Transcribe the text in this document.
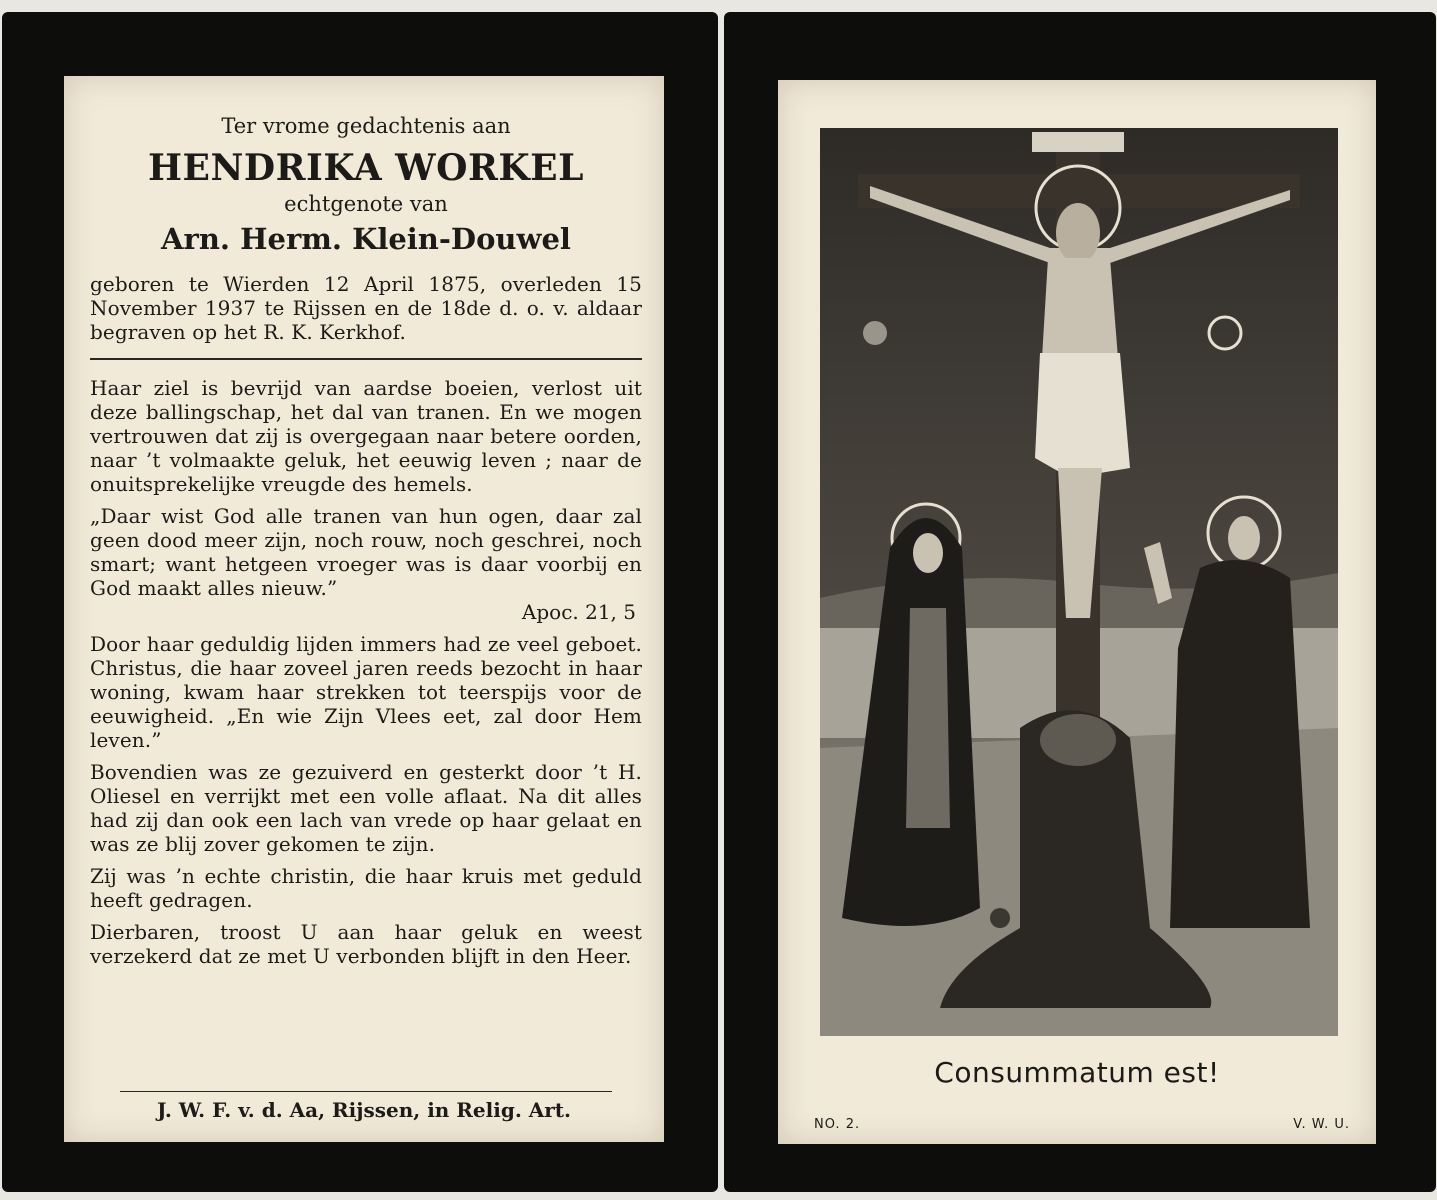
Ter vrome gedachtenis aan

HENDRIKA WORKEL

echtgenote van

Arn. Herm. Klein-Douwel

geboren te Wierden 12 April 1875, overleden 15 November 1937 te Rijssen en de 18de d. o. v. aldaar begraven op het R. K. Kerkhof.

Haar ziel is bevrijd van aardse boeien, verlost uit deze ballingschap, het dal van tranen. En we mogen vertrouwen dat zij is overgegaan naar betere oorden, naar ’t volmaakte geluk, het eeuwig leven ; naar de onuitsprekelijke vreugde des hemels.

„Daar wist God alle tranen van hun ogen, daar zal geen dood meer zijn, noch rouw, noch geschrei, noch smart; want hetgeen vroeger was is daar voorbij en God maakt alles nieuw.”

Apoc. 21, 5

Door haar geduldig lijden immers had ze veel geboet. Christus, die haar zoveel jaren reeds bezocht in haar woning, kwam haar strekken tot teerspijs voor de eeuwigheid. „En wie Zijn Vlees eet, zal door Hem leven.”

Bovendien was ze gezuiverd en gesterkt door ’t H. Oliesel en verrijkt met een volle aflaat. Na dit alles had zij dan ook een lach van vrede op haar gelaat en was ze blij zover gekomen te zijn.

Zij was ’n echte christin, die haar kruis met geduld heeft gedragen.

Dierbaren, troost U aan haar geluk en weest verzekerd dat ze met U verbonden blijft in den Heer.

J. W. F. v. d. Aa, Rijssen, in Relig. Art.
Consummatum est!
NO. 2.	V. W. U.
